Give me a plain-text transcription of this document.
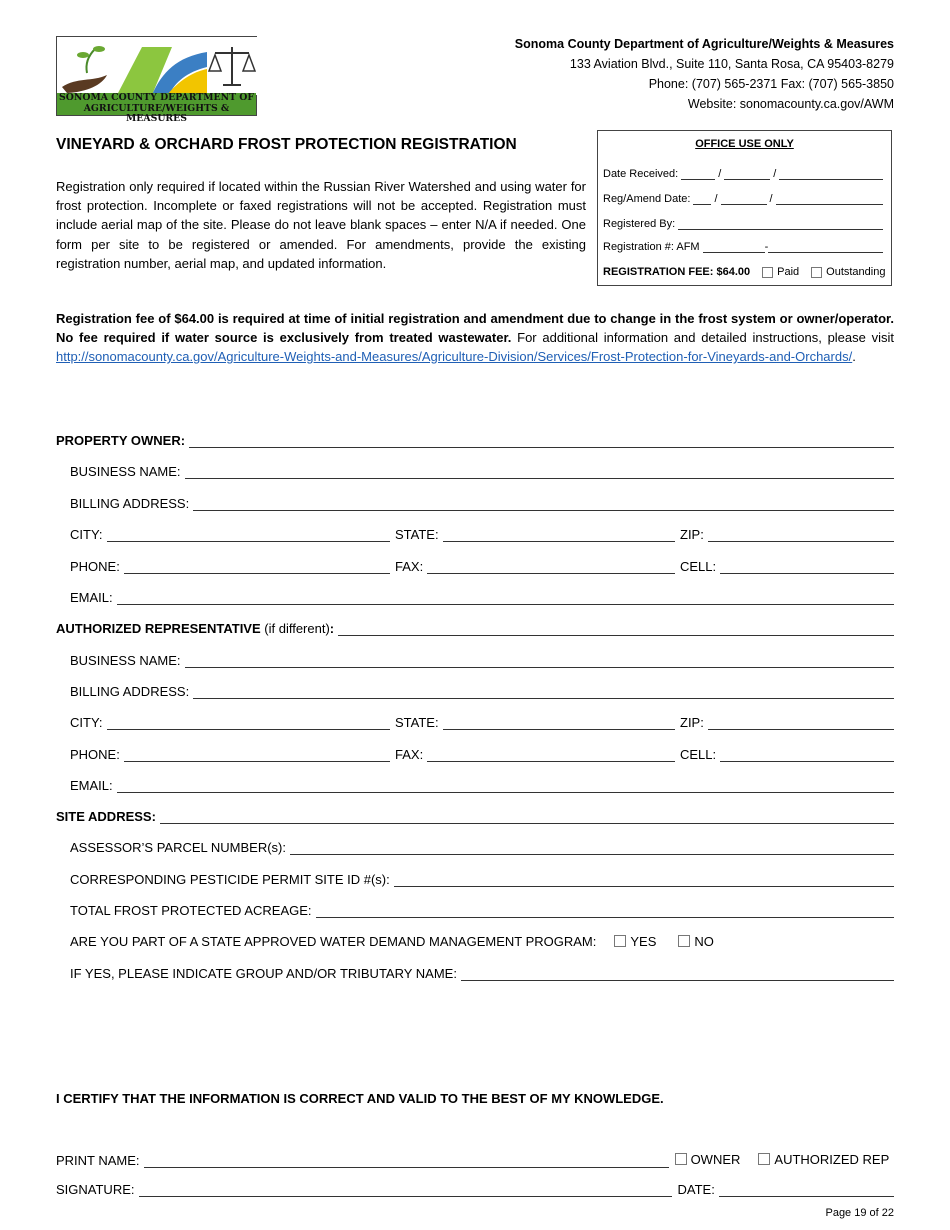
SONOMA COUNTY DEPARTMENT OF
AGRICULTURE/WEIGHTS & MEASURES
Sonoma County Department of Agriculture/Weights & Measures
133 Aviation Blvd., Suite 110, Santa Rosa, CA 95403-8279
Phone: (707) 565-2371 Fax: (707) 565-3850
Website: sonomacounty.ca.gov/AWM
VINEYARD & ORCHARD FROST PROTECTION REGISTRATION
Registration only required if located within the Russian River Watershed and using water for frost protection. Incomplete or faxed registrations will not be accepted. Registration must include aerial map of the site. Please do not leave blank spaces – enter N/A if needed. One form per site to be registered or amended. For amendments, provide the existing registration number, aerial map, and updated information.
OFFICE USE ONLY
Date Received:	/	/
Reg/Amend Date: /	/
Registered By:
Registration #: AFM	-
REGISTRATION FEE: $64.00 Paid Outstanding
Registration fee of $64.00 is required at time of initial registration and amendment due to change in the frost system or owner/operator. No fee required if water source is exclusively from treated wastewater. For additional information and detailed instructions, please visit http://sonomacounty.ca.gov/Agriculture-Weights-and-Measures/Agriculture-Division/Services/Frost-Protection-for-Vineyards-and-Orchards/.
PROPERTY OWNER:
BUSINESS NAME:
BILLING ADDRESS:
CITY:	STATE:	ZIP:
PHONE:	FAX:	CELL:
EMAIL:
AUTHORIZED REPRESENTATIVE (if different) :
BUSINESS NAME:
BILLING ADDRESS:
CITY:	STATE:	ZIP:
PHONE:	FAX:	CELL:
EMAIL:
SITE ADDRESS:
ASSESSOR’S PARCEL NUMBER(s):
CORRESPONDING PESTICIDE PERMIT SITE ID #(s):
TOTAL FROST PROTECTED ACREAGE:
ARE YOU PART OF A STATE APPROVED WATER DEMAND MANAGEMENT PROGRAM:	YES	NO
IF YES, PLEASE INDICATE GROUP AND/OR TRIBUTARY NAME:
I CERTIFY THAT THE INFORMATION IS CORRECT AND VALID TO THE BEST OF MY KNOWLEDGE.
PRINT NAME:	OWNER	AUTHORIZED REP
SIGNATURE:	DATE:
Page 19 of 22
